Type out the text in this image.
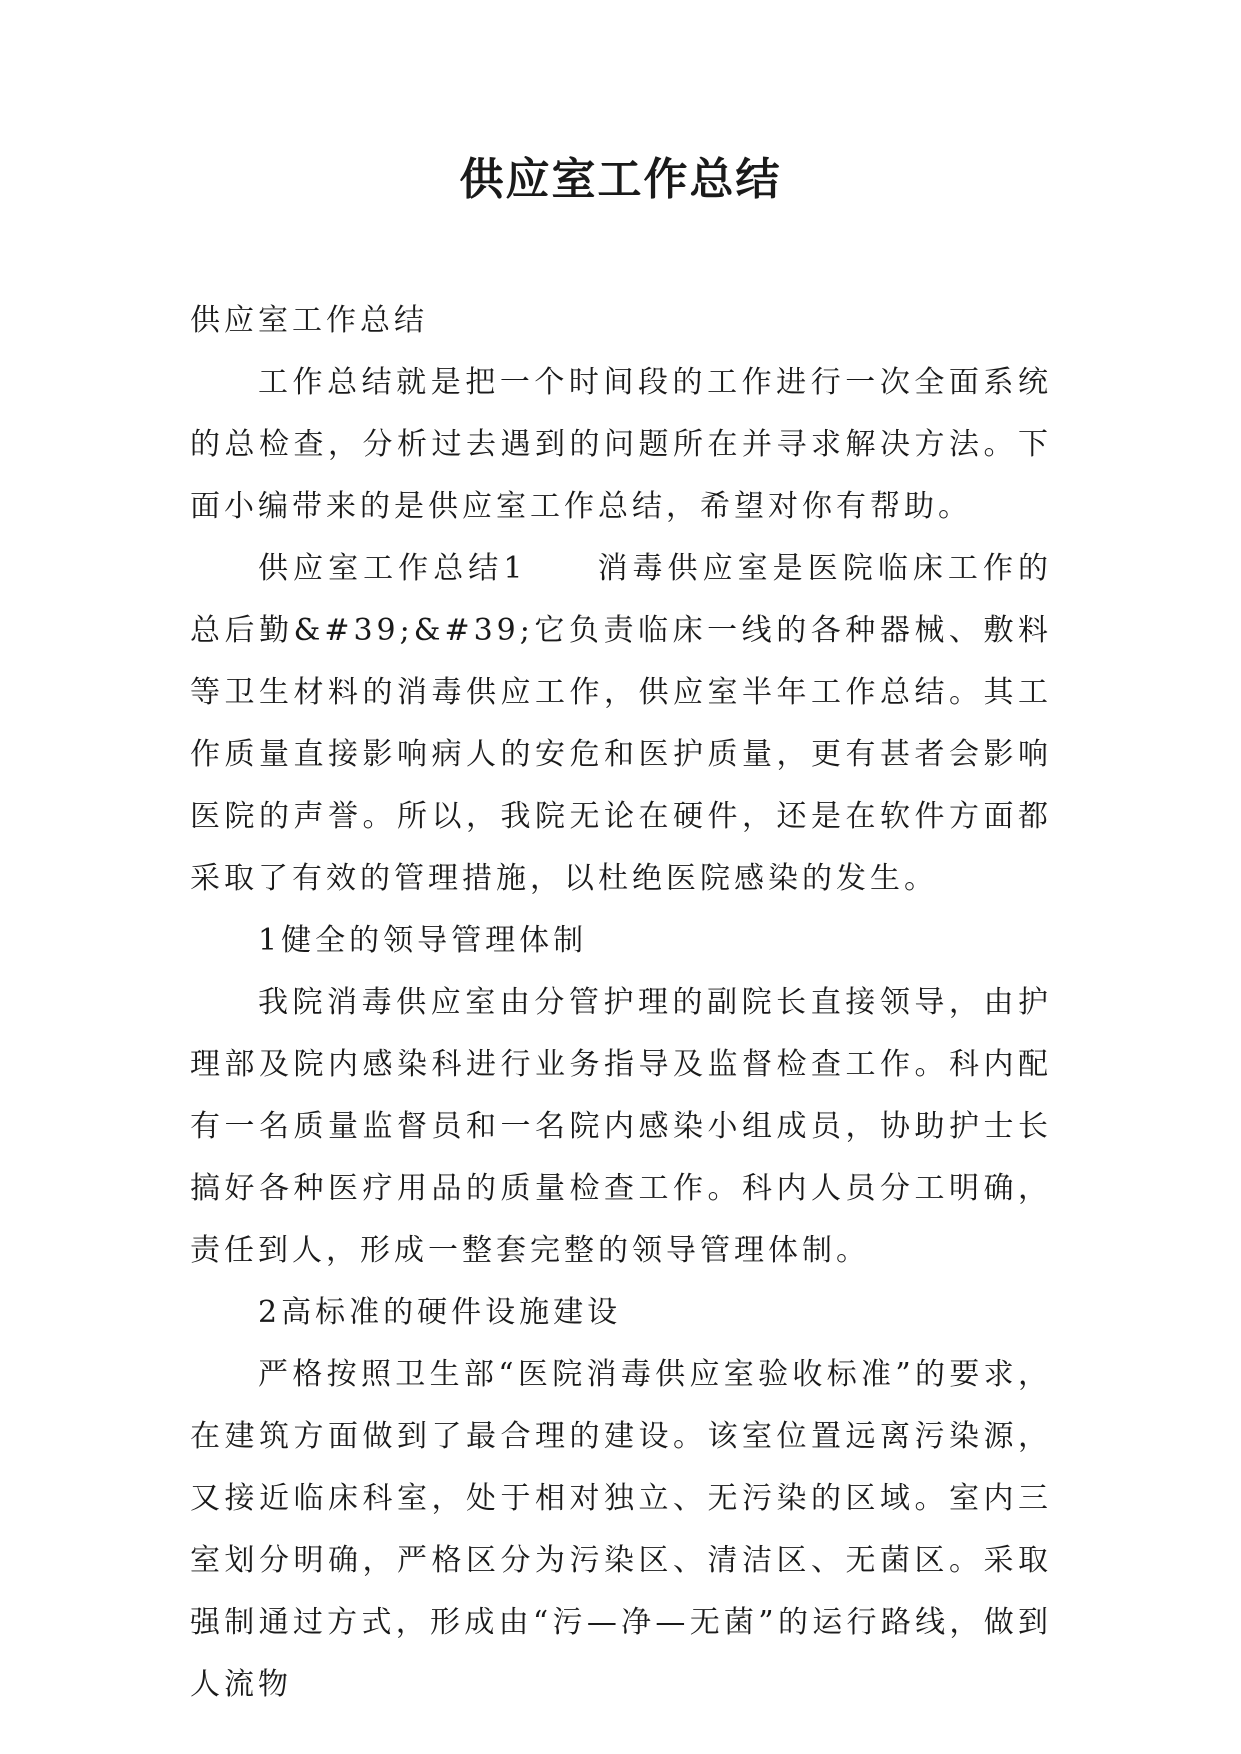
供应室工作总结

供应室工作总结

工作总结就是把一个时间段的工作进行一次全面系统的总检查，分析过去遇到的问题所在并寻求解决方法。下面小编带来的是供应室工作总结，希望对你有帮助。

供应室工作总结1 消毒供应室是医院临床工作的总后勤&#39;&#39;它负责临床一线的各种器械、敷料等卫生材料的消毒供应工作，供应室半年工作总结。其工作质量直接影响病人的安危和医护质量，更有甚者会影响医院的声誉。所以，我院无论在硬件，还是在软件方面都采取了有效的管理措施，以杜绝医院感染的发生。

1健全的领导管理体制

我院消毒供应室由分管护理的副院长直接领导，由护理部及院内感染科进行业务指导及监督检查工作。科内配有一名质量监督员和一名院内感染小组成员，协助护士长搞好各种医疗用品的质量检查工作。科内人员分工明确，责任到人，形成一整套完整的领导管理体制。

2高标准的硬件设施建设

严格按照卫生部“医院消毒供应室验收标准”的要求，在建筑方面做到了最合理的建设。该室位置远离污染源，又接近临床科室，处于相对独立、无污染的区域。室内三室划分明确，严格区分为污染区、清洁区、无菌区。采取强制通过方式，形成由“污—净—无菌”的运行路线，做到人流物
